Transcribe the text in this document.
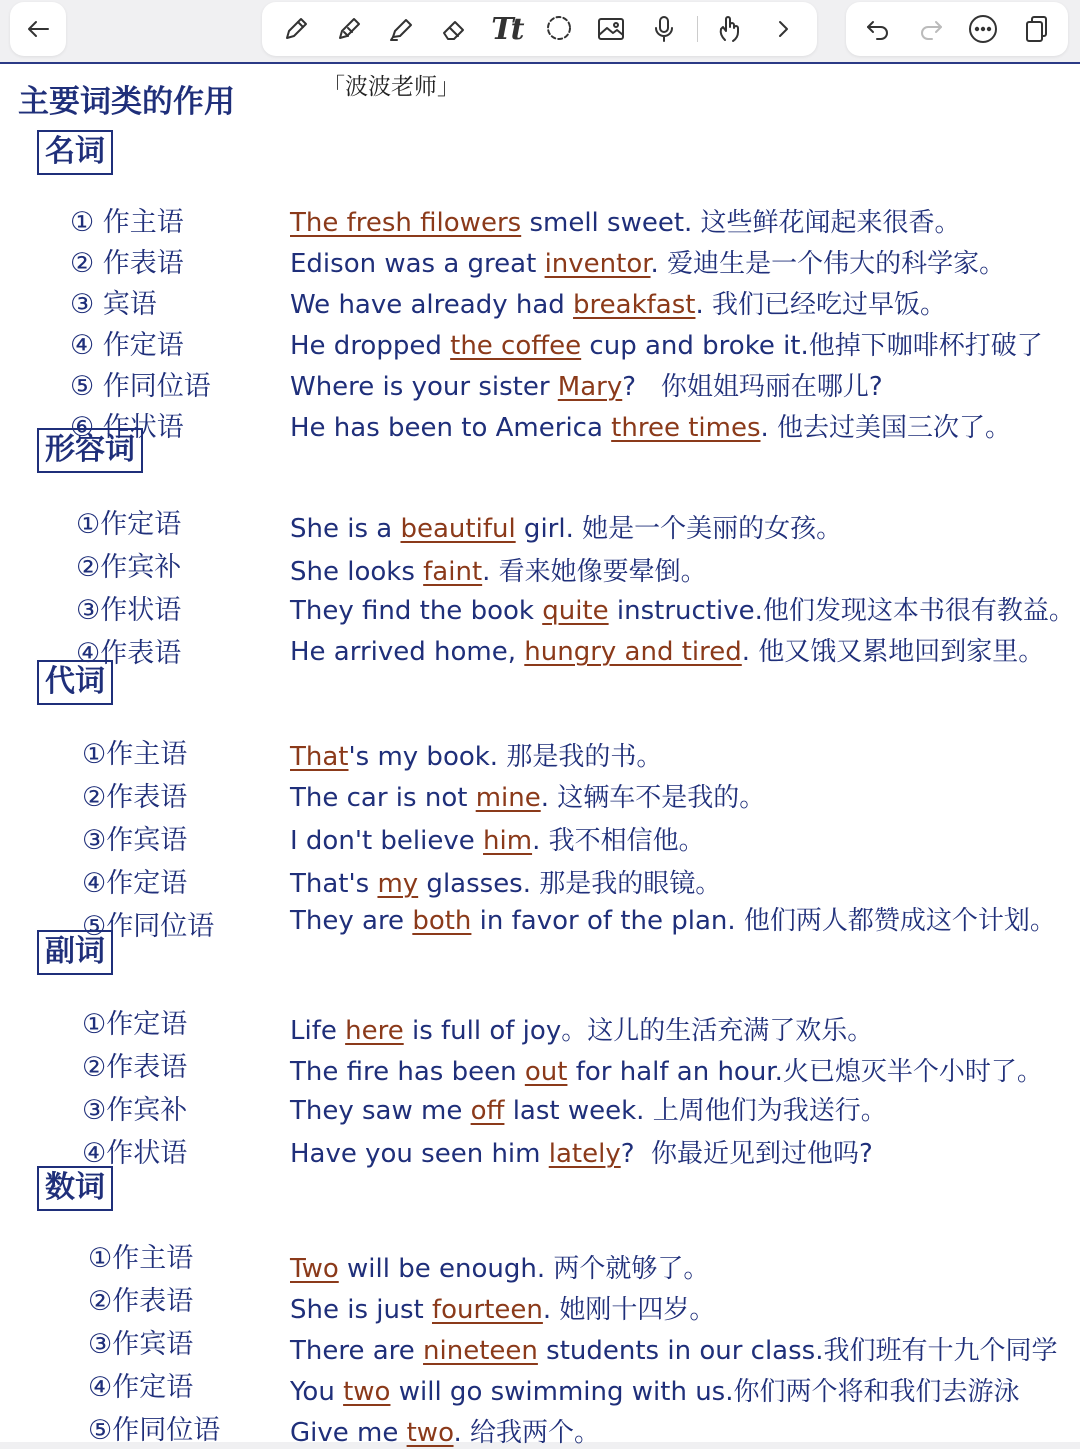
Tt
主要词类的作用	「波波老师」
名词
① 作主语	The fresh filowers smell sweet. 这些鲜花闻起来很香。
② 作表语	Edison was a great inventor. 爱迪生是一个伟大的科学家。
③ 宾语	We have already had breakfast. 我们已经吃过早饭。
④ 作定语	He dropped the coffee cup and broke it.他掉下咖啡杯打破了
⑤ 作同位语	Where is your sister Mary?   你姐姐玛丽在哪儿?
⑥ 作状语	He has been to America three times. 他去过美国三次了。
形容词
①作定语	She is a beautiful girl. 她是一个美丽的女孩。
②作宾补	She looks faint. 看来她像要晕倒。
③作状语	They find the book quite instructive.他们发现这本书很有教益。
④作表语	He arrived home, hungry and tired. 他又饿又累地回到家里。
代词
①作主语	That's my book. 那是我的书。
②作表语	The car is not mine. 这辆车不是我的。
③作宾语	I don't believe him. 我不相信他。
④作定语	That's my glasses. 那是我的眼镜。
⑤作同位语	They are both in favor of the plan. 他们两人都赞成这个计划。
副词
①作定语	Life here is full of joy。这儿的生活充满了欢乐。
②作表语	The fire has been out for half an hour.火已熄灭半个小时了。
③作宾补	They saw me off last week. 上周他们为我送行。
④作状语	Have you seen him lately?  你最近见到过他吗?
数词
①作主语	Two will be enough. 两个就够了。
②作表语	She is just fourteen. 她刚十四岁。
③作宾语	There are nineteen students in our class.我们班有十九个同学
④作定语	You two will go swimming with us.你们两个将和我们去游泳
⑤作同位语	Give me two. 给我两个。
